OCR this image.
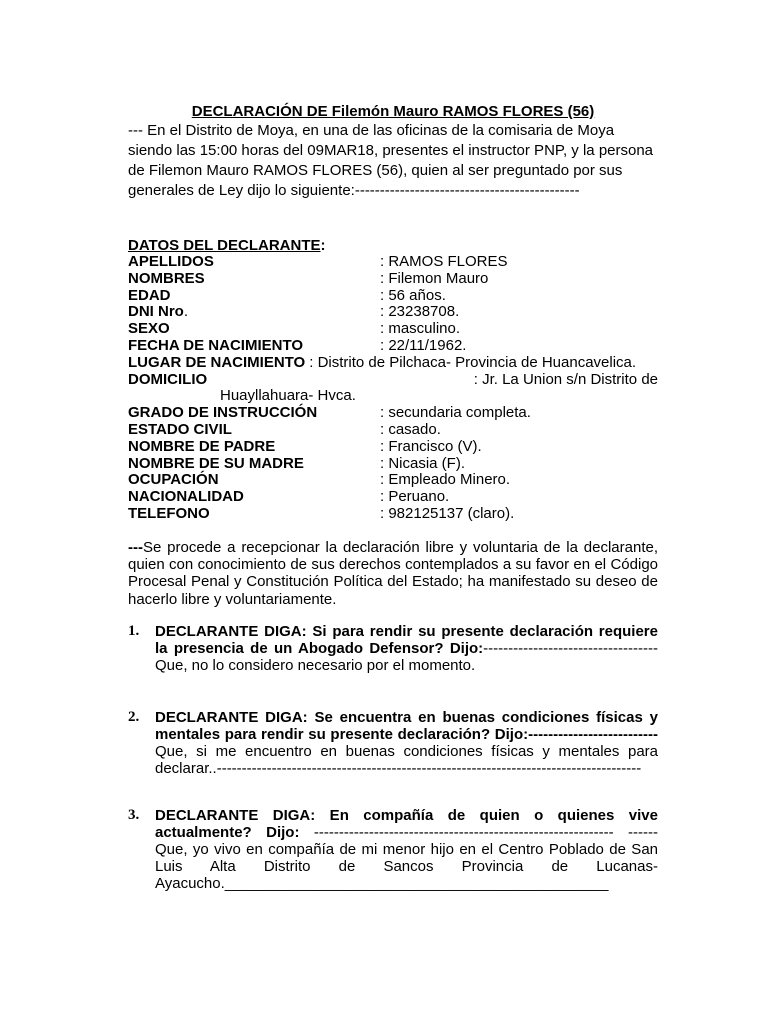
DECLARACIÓN DE Filemón Mauro RAMOS FLORES (56)
--- En el Distrito de Moya, en una de las oficinas de la comisaria de Moya siendo las 15:00 horas del 09MAR18, presentes el instructor PNP, y la persona de Filemon Mauro RAMOS FLORES (56), quien al ser preguntado por sus generales de Ley dijo lo siguiente:---------------------------------------------
DATOS DEL DECLARANTE:
APELLIDOS	: RAMOS FLORES
NOMBRES	: Filemon Mauro
EDAD	: 56 años.
DNI Nro.	: 23238708.
SEXO	: masculino.
FECHA DE NACIMIENTO	: 22/11/1962.
LUGAR DE NACIMIENTO : Distrito de Pilchaca- Provincia de Huancavelica.
DOMICILIO	: Jr. La Union s/n Distrito de
Huayllahuara- Hvca.
GRADO DE INSTRUCCIÓN	: secundaria completa.
ESTADO CIVIL	: casado.
NOMBRE DE PADRE	: Francisco (V).
NOMBRE DE SU MADRE	: Nicasia (F).
OCUPACIÓN	: Empleado Minero.
NACIONALIDAD	: Peruano.
TELEFONO	: 982125137 (claro).
---Se procede a recepcionar la declaración libre y voluntaria de la declarante, quien con conocimiento de sus derechos contemplados a su favor en el Código Procesal Penal y Constitución Política del Estado; ha manifestado su deseo de hacerlo libre y voluntariamente.
1. DECLARANTE DIGA: Si para rendir su presente declaración requiere la presencia de un Abogado Defensor? Dijo:-----------------------------------Que, no lo considero necesario por el momento.
2. DECLARANTE DIGA: Se encuentra en buenas condiciones físicas y mentales para rendir su presente declaración? Dijo:-------------------------- Que, si me encuentro en buenas condiciones físicas y mentales para declarar..-------------------------------------------------------------------------------------
3. DECLARANTE DIGA: En compañía de quien o quienes vive actualmente? Dijo: ------------------------------------------------------------ ------ Que, yo vivo en compañía de mi menor hijo en el Centro Poblado de San Luis Alta Distrito de Sancos Provincia de Lucanas-Ayacucho.______________________________________________
